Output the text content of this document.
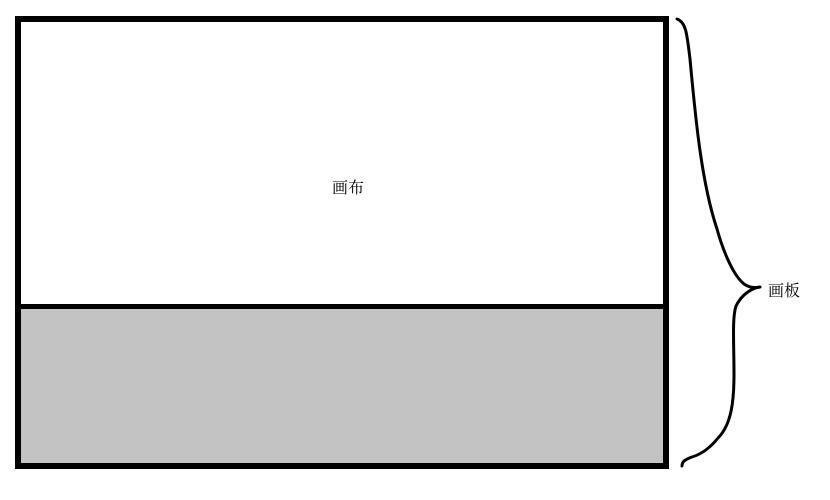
画布
画板
